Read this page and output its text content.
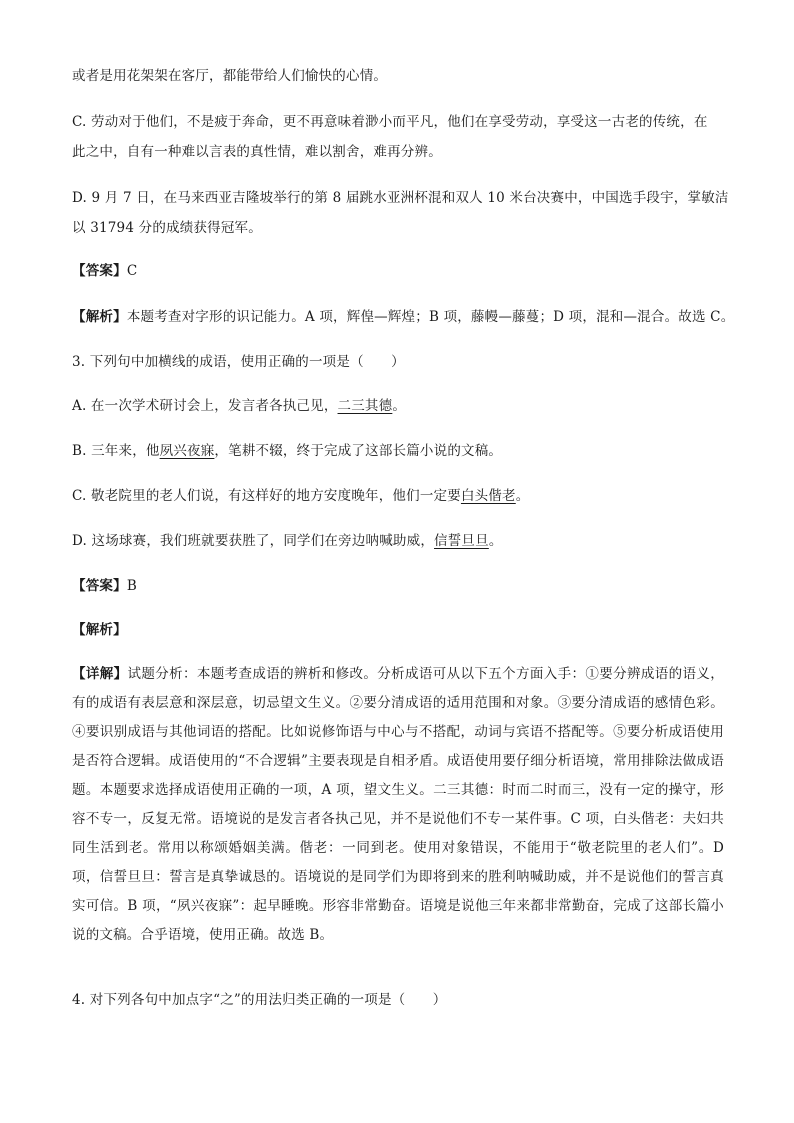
或者是用花架架在客厅，都能带给人们愉快的心情。
C. 劳动对于他们，不是疲于奔命，更不再意味着渺小而平凡，他们在享受劳动，享受这一古老的传统，在
此之中，自有一种难以言表的真性情，难以割舍，难再分辨。
D. 9 月 7 日，在马来西亚吉隆坡举行的第 8 届跳水亚洲杯混和双人 10 米台决赛中，中国选手段宇，掌敏洁
以 31794 分的成绩获得冠军。
【答案】C
【解析】本题考查对字形的识记能力。A 项，辉偟—辉煌；B 项，藤幔—藤蔓；D 项，混和—混合。故选 C。
3. 下列句中加横线的成语，使用正确的一项是（　　）
A. 在一次学术研讨会上，发言者各执己见，二三其德。
B. 三年来，他夙兴夜寐，笔耕不辍，终于完成了这部长篇小说的文稿。
C. 敬老院里的老人们说，有这样好的地方安度晚年，他们一定要白头偕老。
D. 这场球赛，我们班就要获胜了，同学们在旁边呐喊助威，信誓旦旦。
【答案】B
【解析】
【详解】试题分析：本题考查成语的辨析和修改。分析成语可从以下五个方面入手：①要分辨成语的语义，有的成语有表层意和深层意，切忌望文生义。②要分清成语的适用范围和对象。③要分清成语的感情色彩。④要识别成语与其他词语的搭配。比如说修饰语与中心与不搭配，动词与宾语不搭配等。⑤要分析成语使用是否符合逻辑。成语使用的“不合逻辑”主要表现是自相矛盾。成语使用要仔细分析语境，常用排除法做成语题。本题要求选择成语使用正确的一项，A 项，望文生义。二三其德：时而二时而三，没有一定的操守，形容不专一，反复无常。语境说的是发言者各执己见，并不是说他们不专一某件事。C 项，白头偕老：夫妇共同生活到老。常用以称颂婚姻美满。偕老：一同到老。使用对象错误，不能用于“敬老院里的老人们”。D 项，信誓旦旦：誓言是真挚诚恳的。语境说的是同学们为即将到来的胜利呐喊助威，并不是说他们的誓言真实可信。B 项，“夙兴夜寐”：起早睡晚。形容非常勤奋。语境是说他三年来都非常勤奋，完成了这部长篇小说的文稿。合乎语境，使用正确。故选 B。
4. 对下列各句中加点字“之”的用法归类正确的一项是（　　）
